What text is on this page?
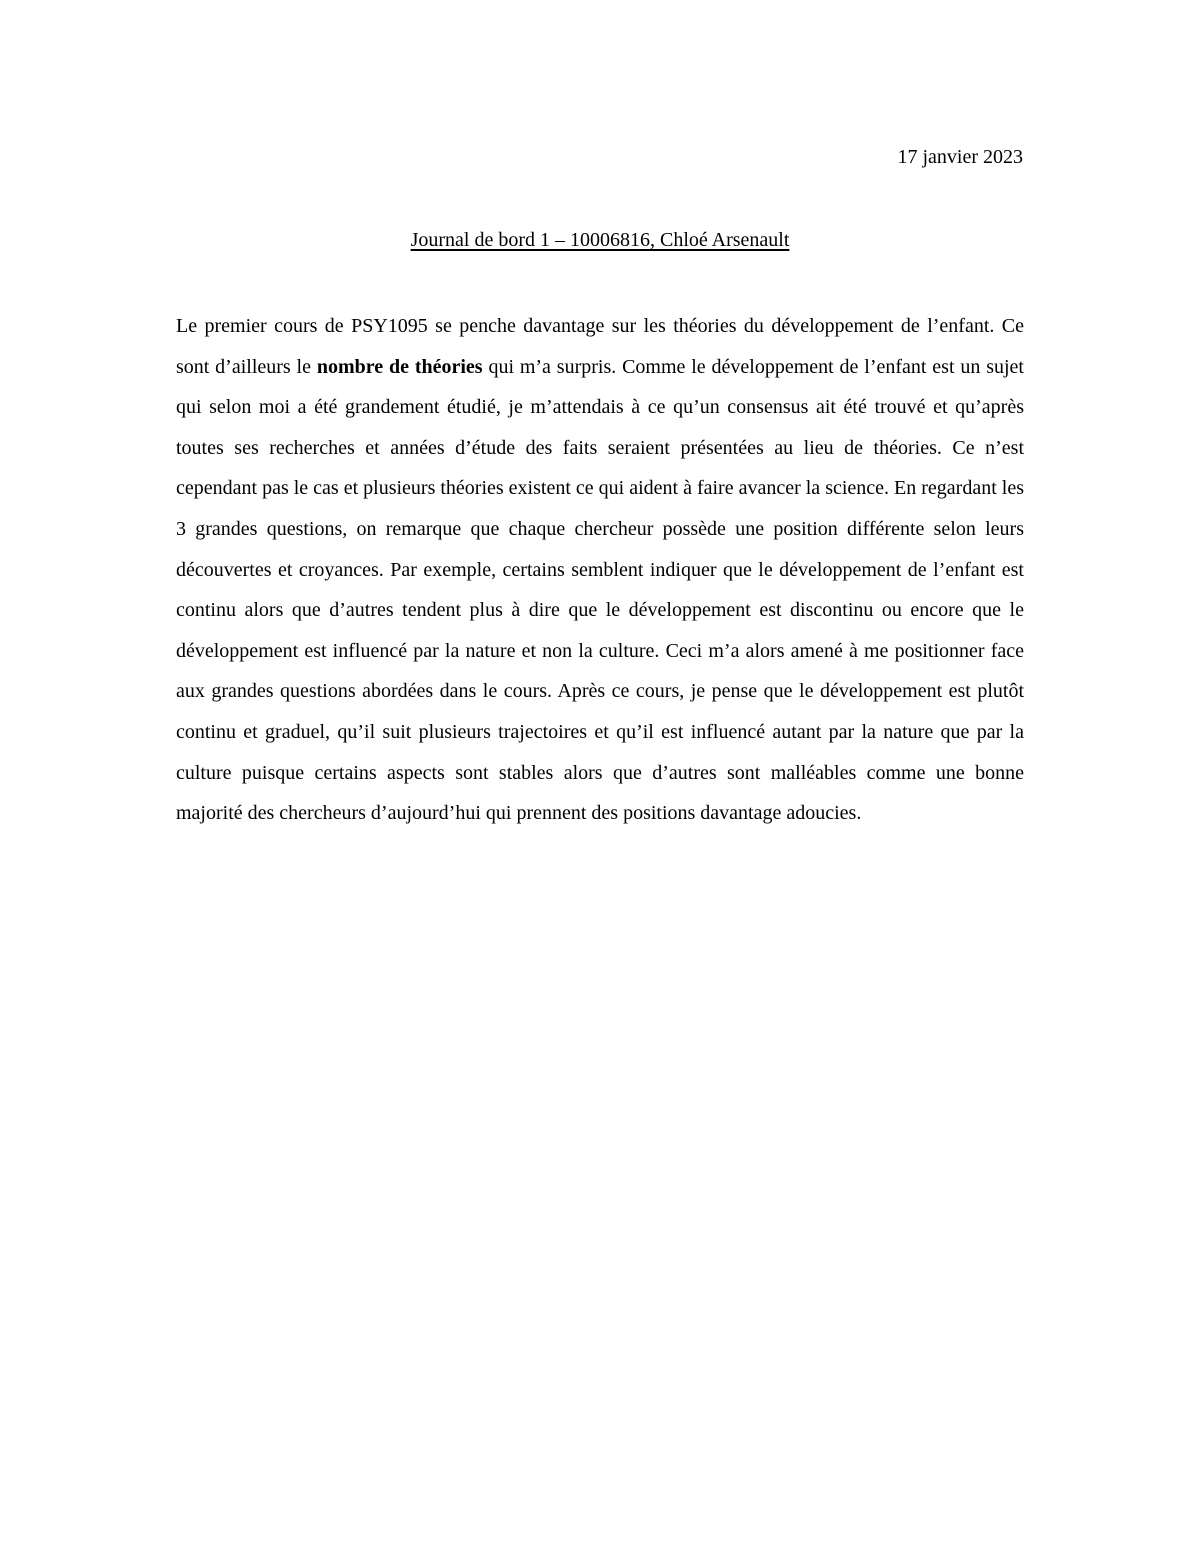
17 janvier 2023

Journal de bord 1 – 10006816, Chloé Arsenault

Le premier cours de PSY1095 se penche davantage sur les théories du développement de l’enfant. Ce sont d’ailleurs le nombre de théories qui m’a surpris. Comme le développement de l’enfant est un sujet qui selon moi a été grandement étudié, je m’attendais à ce qu’un consensus ait été trouvé et qu’après toutes ses recherches et années d’étude des faits seraient présentées au lieu de théories. Ce n’est cependant pas le cas et plusieurs théories existent ce qui aident à faire avancer la science. En regardant les 3 grandes questions, on remarque que chaque chercheur possède une position différente selon leurs découvertes et croyances. Par exemple, certains semblent indiquer que le développement de l’enfant est continu alors que d’autres tendent plus à dire que le développement est discontinu ou encore que le développement est influencé par la nature et non la culture. Ceci m’a alors amené à me positionner face aux grandes questions abordées dans le cours. Après ce cours, je pense que le développement est plutôt continu et graduel, qu’il suit plusieurs trajectoires et qu’il est influencé autant par la nature que par la culture puisque certains aspects sont stables alors que d’autres sont malléables comme une bonne majorité des chercheurs d’aujourd’hui qui prennent des positions davantage adoucies.
